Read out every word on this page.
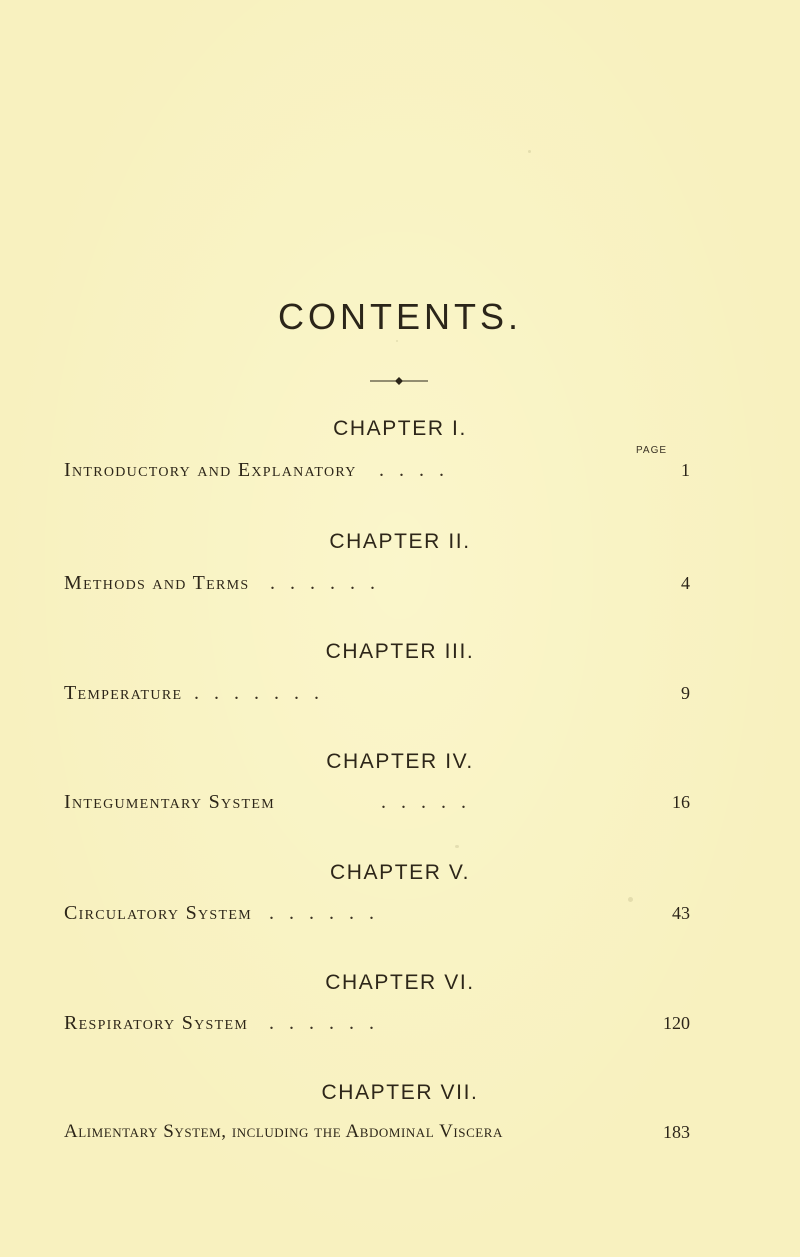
CONTENTS.
PAGE
CHAPTER I.
Introductory and Explanatory .   .   .   .	1
CHAPTER II.
Methods and Terms .   .   .   .   .   .	4
CHAPTER III.
Temperature .   .   .   .   .   .   .	9
CHAPTER IV.
Integumentary System	.   .   .   .   .	16
CHAPTER V.
Circulatory System .   .   .   .   .   .	43
CHAPTER VI.
Respiratory System .   .   .   .   .   .	120
CHAPTER VII.
Alimentary System, including the Abdominal Viscera	183
